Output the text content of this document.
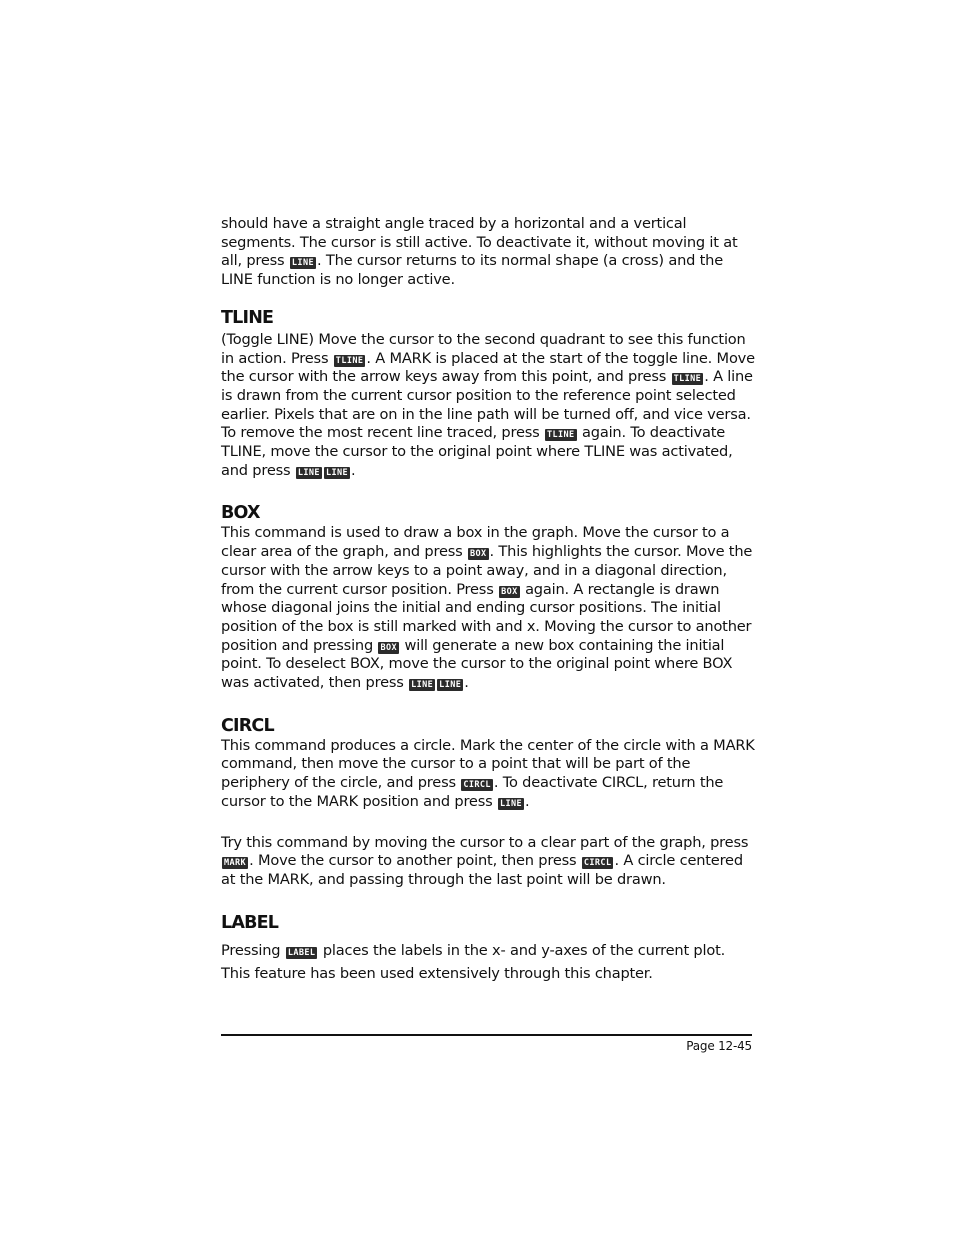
should have a straight angle traced by a horizontal and a vertical segments. The cursor is still active. To deactivate it, without moving it at all, press LINE . The cursor returns to its normal shape (a cross) and the LINE function is no longer active.

TLINE

(Toggle LINE) Move the cursor to the second quadrant to see this function in action. Press TLINE . A MARK is placed at the start of the toggle line. Move the cursor with the arrow keys away from this point, and press TLINE . A line is drawn from the current cursor position to the reference point selected earlier. Pixels that are on in the line path will be turned off, and vice versa. To remove the most recent line traced, press TLINE again. To deactivate TLINE, move the cursor to the original point where TLINE was activated, and press LINE LINE .

BOX

This command is used to draw a box in the graph. Move the cursor to a clear area of the graph, and press BOX . This highlights the cursor. Move the cursor with the arrow keys to a point away, and in a diagonal direction, from the current cursor position. Press BOX again. A rectangle is drawn whose diagonal joins the initial and ending cursor positions. The initial position of the box is still marked with and x. Moving the cursor to another position and pressing BOX will generate a new box containing the initial point. To deselect BOX, move the cursor to the original point where BOX was activated, then press LINE LINE .

CIRCL

This command produces a circle. Mark the center of the circle with a MARK command, then move the cursor to a point that will be part of the periphery of the circle, and press CIRCL . To deactivate CIRCL, return the cursor to the MARK position and press LINE .

Try this command by moving the cursor to a clear part of the graph, press MARK . Move the cursor to another point, then press CIRCL . A circle centered at the MARK, and passing through the last point will be drawn.

LABEL

Pressing LABEL places the labels in the x- and y-axes of the current plot. This feature has been used extensively through this chapter.

Page 12-45
